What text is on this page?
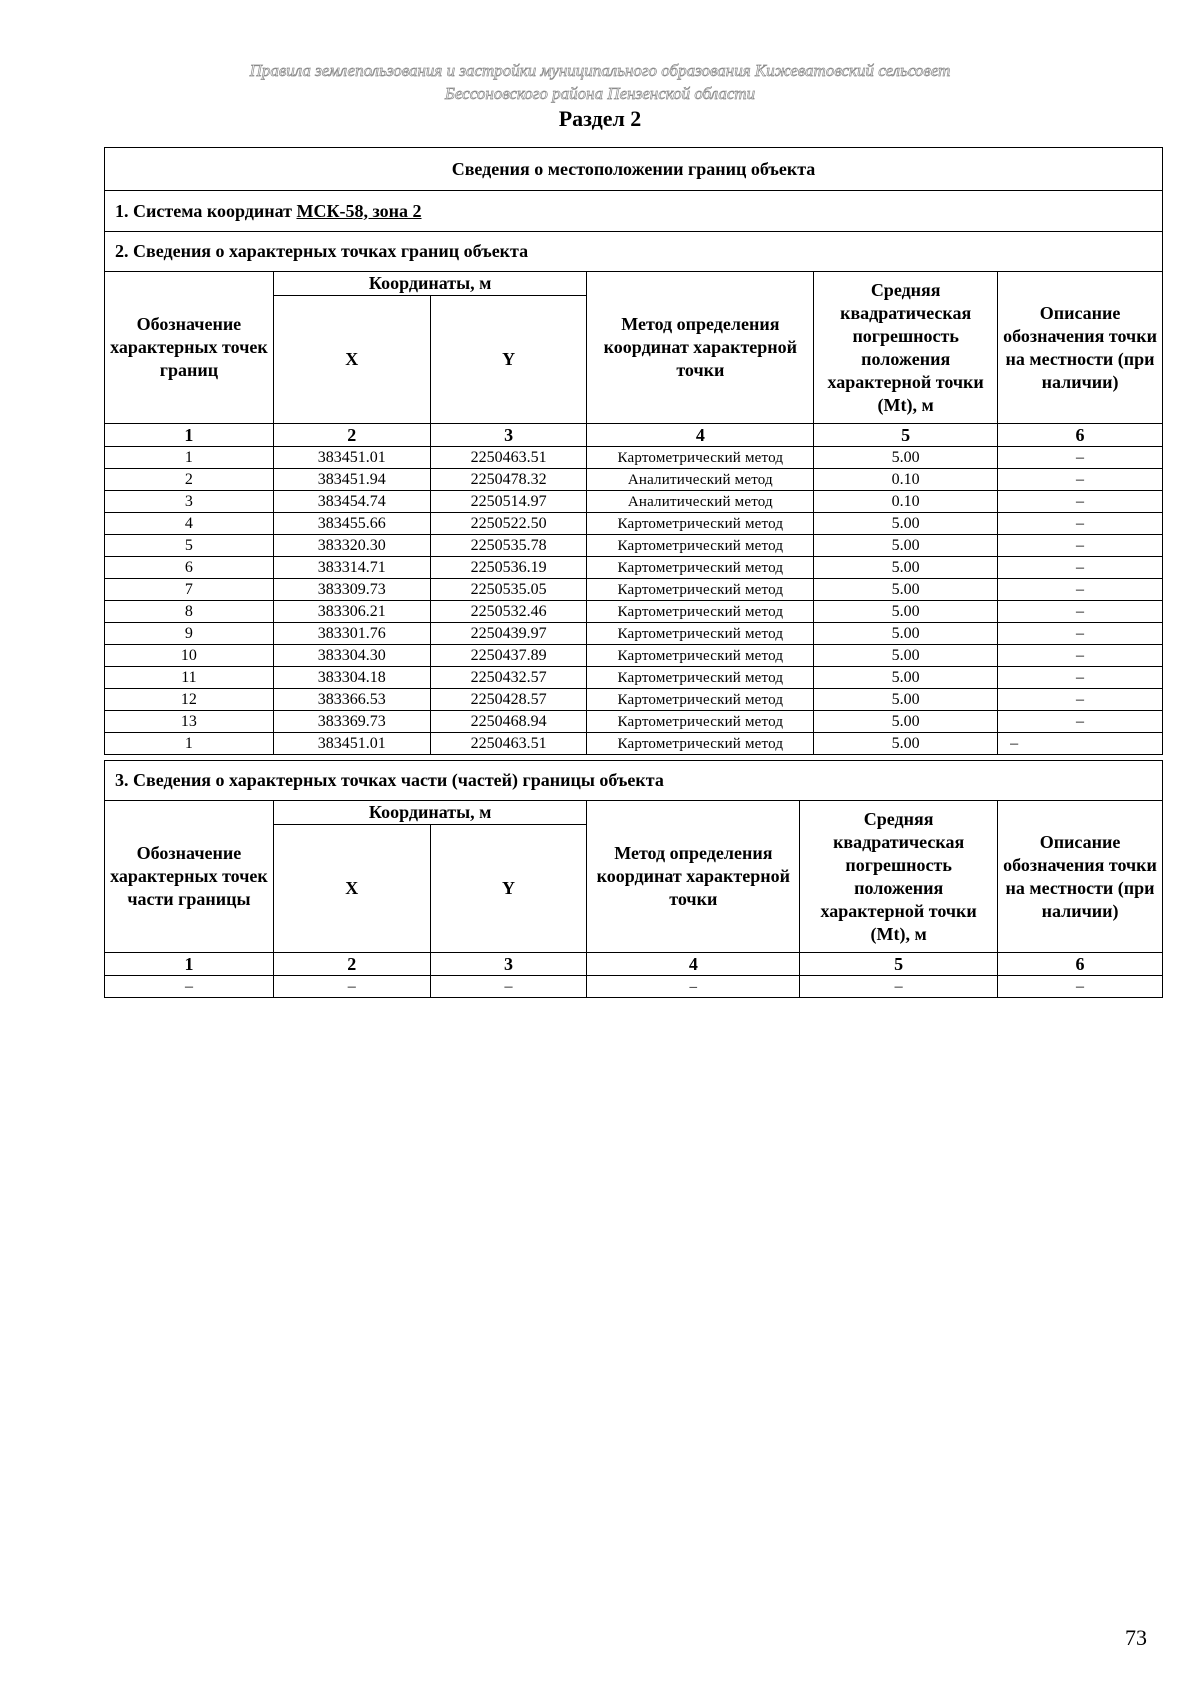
Правила землепользования и застройки муниципального образования Кижеватовский сельсовет
Бессоновского района Пензенской области
Раздел 2
Сведения о местоположении границ объекта					
1. Система координат МСК-58, зона 2					
2. Сведения о характерных точках границ объекта					
Обозначение характерных точек границ	Координаты, м		Метод определения координат характерной точки	Средняя квадратическая погрешность положения характерной точки (Mt), м	Описание обозначения точки на местности (при наличии)
	X	Y			
1	2	3	4	5	6
1	383451.01	2250463.51	Картометрический метод	5.00	–
2	383451.94	2250478.32	Аналитический метод	0.10	–
3	383454.74	2250514.97	Аналитический метод	0.10	–
4	383455.66	2250522.50	Картометрический метод	5.00	–
5	383320.30	2250535.78	Картометрический метод	5.00	–
6	383314.71	2250536.19	Картометрический метод	5.00	–
7	383309.73	2250535.05	Картометрический метод	5.00	–
8	383306.21	2250532.46	Картометрический метод	5.00	–
9	383301.76	2250439.97	Картометрический метод	5.00	–
10	383304.30	2250437.89	Картометрический метод	5.00	–
11	383304.18	2250432.57	Картометрический метод	5.00	–
12	383366.53	2250428.57	Картометрический метод	5.00	–
13	383369.73	2250468.94	Картометрический метод	5.00	–
1	383451.01	2250463.51	Картометрический метод	5.00	–
3. Сведения о характерных точках части (частей) границы объекта					
Обозначение характерных точек части границы	Координаты, м		Метод определения координат характерной точки	Средняя квадратическая погрешность положения характерной точки (Mt), м	Описание обозначения точки на местности (при наличии)
	X	Y			
1	2	3	4	5	6
–	–	–	–	–	–
73
